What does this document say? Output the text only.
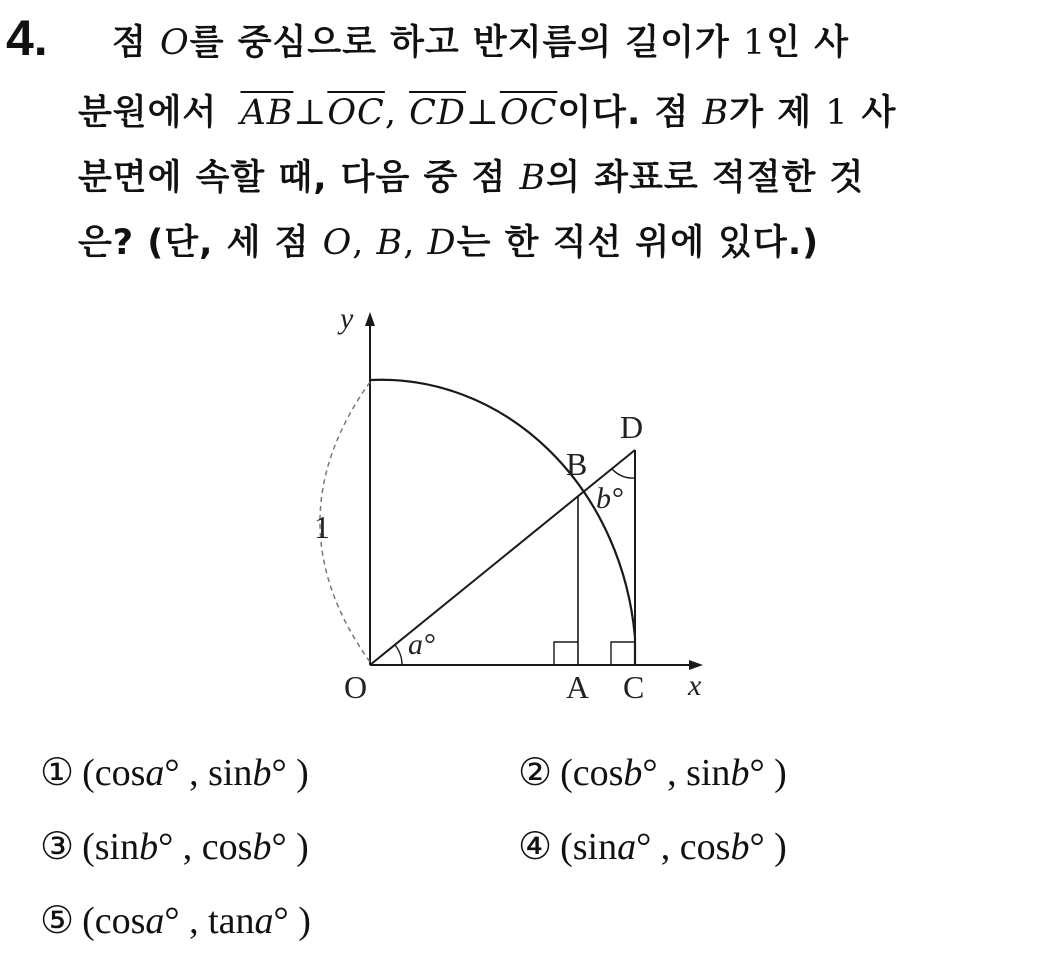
4. 점 O를 중심으로 하고 반지름의 길이가 1인 사
분원에서 $\overline{AB}\perp\overline{OC}$, $\overline{CD}\perp\overline{OC}$이다. 점 B가 제 1 사
분면에 속할 때, 다음 중 점 B의 좌표로 적절한 것
은? (단, 세 점 O, B, D는 한 직선 위에 있다.)
y
x
O	A C
B
D
1
a°
b°
① (cosa° , sinb° )	② (cosb° , sinb° )
③ (sinb° , cosb° )	④ (sina° , cosb° )
⑤ (cosa° , tana° )
